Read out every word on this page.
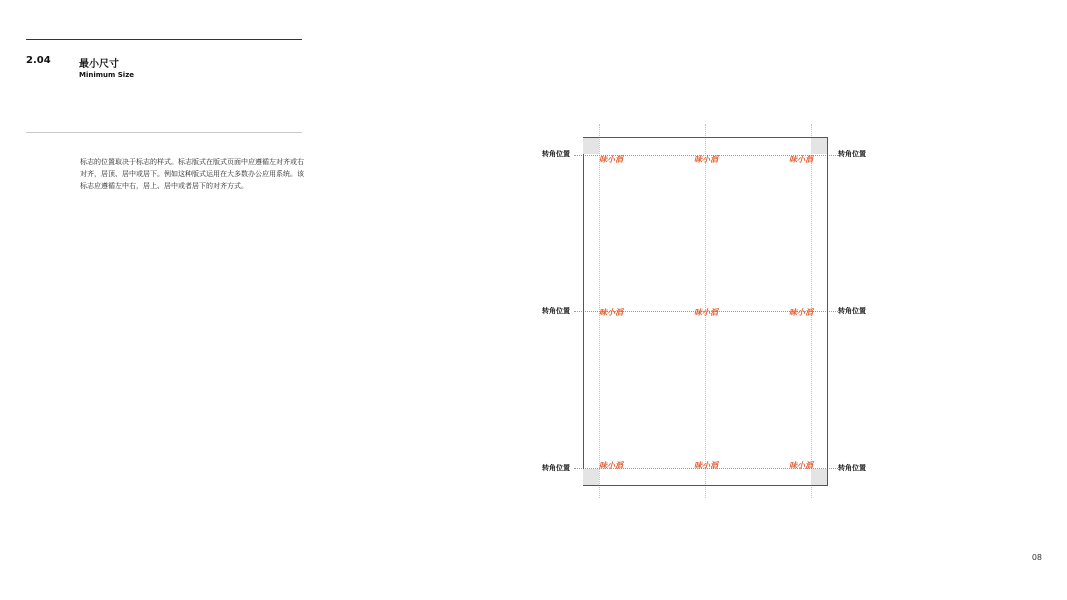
2.04	最小尺寸
Minimum Size

标志的位置取决于标志的样式。标志版式在版式页面中应遵循左对齐或右对齐，居顶、居中或居下。例如这种版式运用在大多数办公应用系统。该标志应遵循左中右，居上、居中或者居下的对齐方式。

转角位置	转角位置
转角位置	转角位置
转角位置	转角位置
味小滔	味小滔	味小滔
味小滔	味小滔	味小滔
味小滔	味小滔	味小滔
08
